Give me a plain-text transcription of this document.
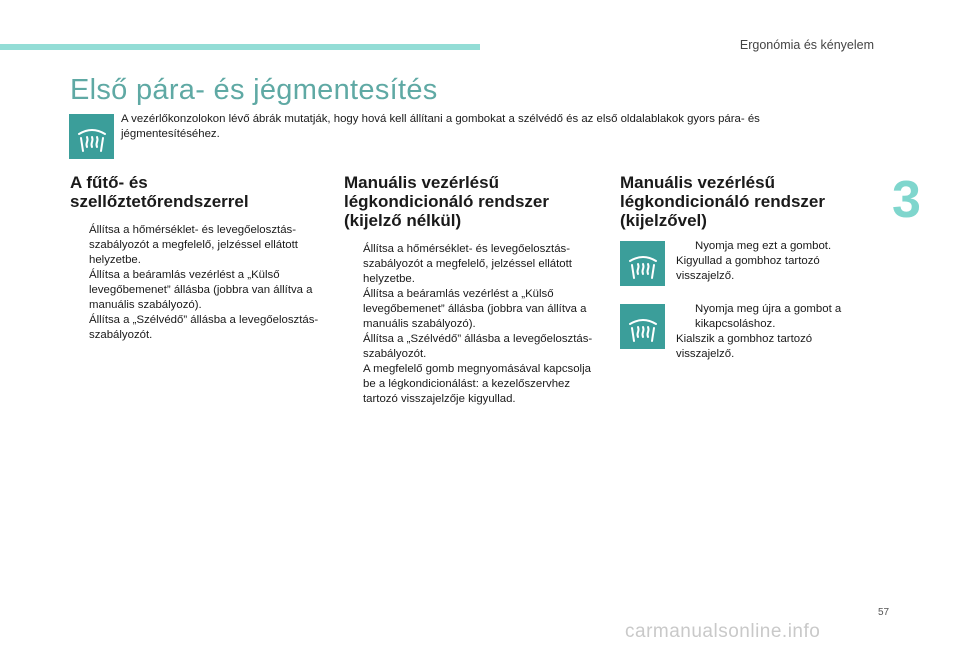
Ergonómia és kényelem
3
Első pára- és jégmentesítés
A vezérlőkonzolokon lévő ábrák mutatják, hogy hová kell állítani a gombokat a szélvédő és az első oldalablakok gyors pára- és jégmentesítéséhez.
A fűtő- és
szellőztetőrendszerrel
Állítsa a hőmérséklet- és levegőelosztás-szabályozót a megfelelő, jelzéssel ellátott helyzetbe.
Állítsa a beáramlás vezérlést a „Külső levegőbemenet” állásba (jobbra van állítva a manuális szabályozó).
Állítsa a „Szélvédő” állásba a levegőelosztás-szabályozót.
Manuális vezérlésű
légkondicionáló rendszer
(kijelző nélkül)
Állítsa a hőmérséklet- és levegőelosztás-szabályozót a megfelelő, jelzéssel ellátott helyzetbe.
Állítsa a beáramlás vezérlést a „Külső levegőbemenet” állásba (jobbra van állítva a manuális szabályozó).
Állítsa a „Szélvédő” állásba a levegőelosztás-szabályozót.
A megfelelő gomb megnyomásával kapcsolja be a légkondicionálást: a kezelőszervhez tartozó visszajelzője kigyullad.
Manuális vezérlésű
légkondicionáló rendszer
(kijelzővel)
Nyomja meg ezt a gombot.
Kigyullad a gombhoz tartozó visszajelző.
Nyomja meg újra a gombot a kikapcsoláshoz.
Kialszik a gombhoz tartozó visszajelző.
57
carmanualsonline.info
